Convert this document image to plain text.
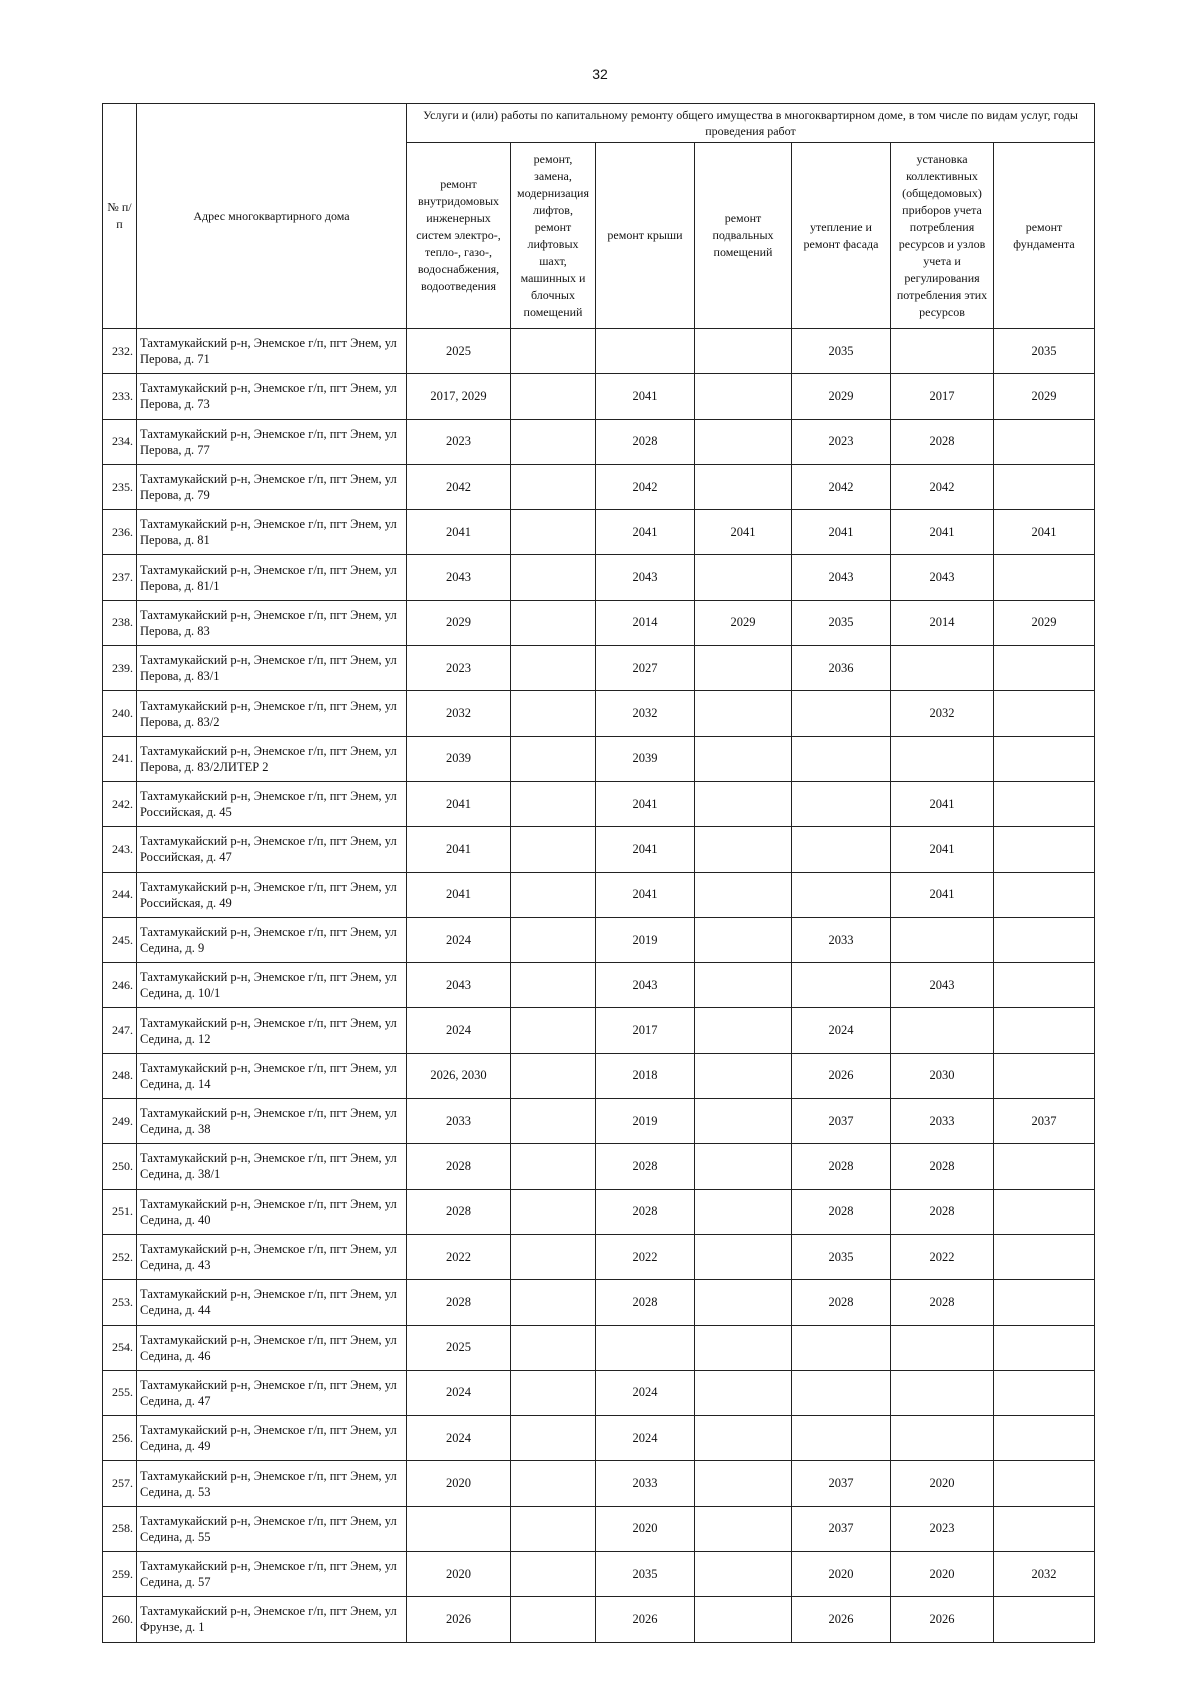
32
№ п/п	Адрес многоквартирного дома	Услуги и (или) работы по капитальному ремонту общего имущества в многоквартирном доме, в том числе по видам услуг, годы проведения работ						
		ремонт внутридомовых инженерных систем электро-, тепло-, газо-, водоснабжения, водоотведения	ремонт, замена, модернизация лифтов, ремонт лифтовых шахт, машинных и блочных помещений	ремонт крыши	ремонт подвальных помещений	утепление и ремонт фасада	установка коллективных (общедомовых) приборов учета потребления ресурсов и узлов учета и регулирования потребления этих ресурсов	ремонт фундамента
232.	Тахтамукайский р-н, Энемское г/п, пгт Энем, ул Перова, д. 71	2025				2035		2035
233.	Тахтамукайский р-н, Энемское г/п, пгт Энем, ул Перова, д. 73	2017, 2029		2041		2029	2017	2029
234.	Тахтамукайский р-н, Энемское г/п, пгт Энем, ул Перова, д. 77	2023		2028		2023	2028	
235.	Тахтамукайский р-н, Энемское г/п, пгт Энем, ул Перова, д. 79	2042		2042		2042	2042	
236.	Тахтамукайский р-н, Энемское г/п, пгт Энем, ул Перова, д. 81	2041		2041	2041	2041	2041	2041
237.	Тахтамукайский р-н, Энемское г/п, пгт Энем, ул Перова, д. 81/1	2043		2043		2043	2043	
238.	Тахтамукайский р-н, Энемское г/п, пгт Энем, ул Перова, д. 83	2029		2014	2029	2035	2014	2029
239.	Тахтамукайский р-н, Энемское г/п, пгт Энем, ул Перова, д. 83/1	2023		2027		2036		
240.	Тахтамукайский р-н, Энемское г/п, пгт Энем, ул Перова, д. 83/2	2032		2032			2032	
241.	Тахтамукайский р-н, Энемское г/п, пгт Энем, ул Перова, д. 83/2ЛИТЕР 2	2039		2039				
242.	Тахтамукайский р-н, Энемское г/п, пгт Энем, ул Российская, д. 45	2041		2041			2041	
243.	Тахтамукайский р-н, Энемское г/п, пгт Энем, ул Российская, д. 47	2041		2041			2041	
244.	Тахтамукайский р-н, Энемское г/п, пгт Энем, ул Российская, д. 49	2041		2041			2041	
245.	Тахтамукайский р-н, Энемское г/п, пгт Энем, ул Седина, д. 9	2024		2019		2033		
246.	Тахтамукайский р-н, Энемское г/п, пгт Энем, ул Седина, д. 10/1	2043		2043			2043	
247.	Тахтамукайский р-н, Энемское г/п, пгт Энем, ул Седина, д. 12	2024		2017		2024		
248.	Тахтамукайский р-н, Энемское г/п, пгт Энем, ул Седина, д. 14	2026, 2030		2018		2026	2030	
249.	Тахтамукайский р-н, Энемское г/п, пгт Энем, ул Седина, д. 38	2033		2019		2037	2033	2037
250.	Тахтамукайский р-н, Энемское г/п, пгт Энем, ул Седина, д. 38/1	2028		2028		2028	2028	
251.	Тахтамукайский р-н, Энемское г/п, пгт Энем, ул Седина, д. 40	2028		2028		2028	2028	
252.	Тахтамукайский р-н, Энемское г/п, пгт Энем, ул Седина, д. 43	2022		2022		2035	2022	
253.	Тахтамукайский р-н, Энемское г/п, пгт Энем, ул Седина, д. 44	2028		2028		2028	2028	
254.	Тахтамукайский р-н, Энемское г/п, пгт Энем, ул Седина, д. 46	2025						
255.	Тахтамукайский р-н, Энемское г/п, пгт Энем, ул Седина, д. 47	2024		2024				
256.	Тахтамукайский р-н, Энемское г/п, пгт Энем, ул Седина, д. 49	2024		2024				
257.	Тахтамукайский р-н, Энемское г/п, пгт Энем, ул Седина, д. 53	2020		2033		2037	2020	
258.	Тахтамукайский р-н, Энемское г/п, пгт Энем, ул Седина, д. 55			2020		2037	2023	
259.	Тахтамукайский р-н, Энемское г/п, пгт Энем, ул Седина, д. 57	2020		2035		2020	2020	2032
260.	Тахтамукайский р-н, Энемское г/п, пгт Энем, ул Фрунзе, д. 1	2026		2026		2026	2026	
